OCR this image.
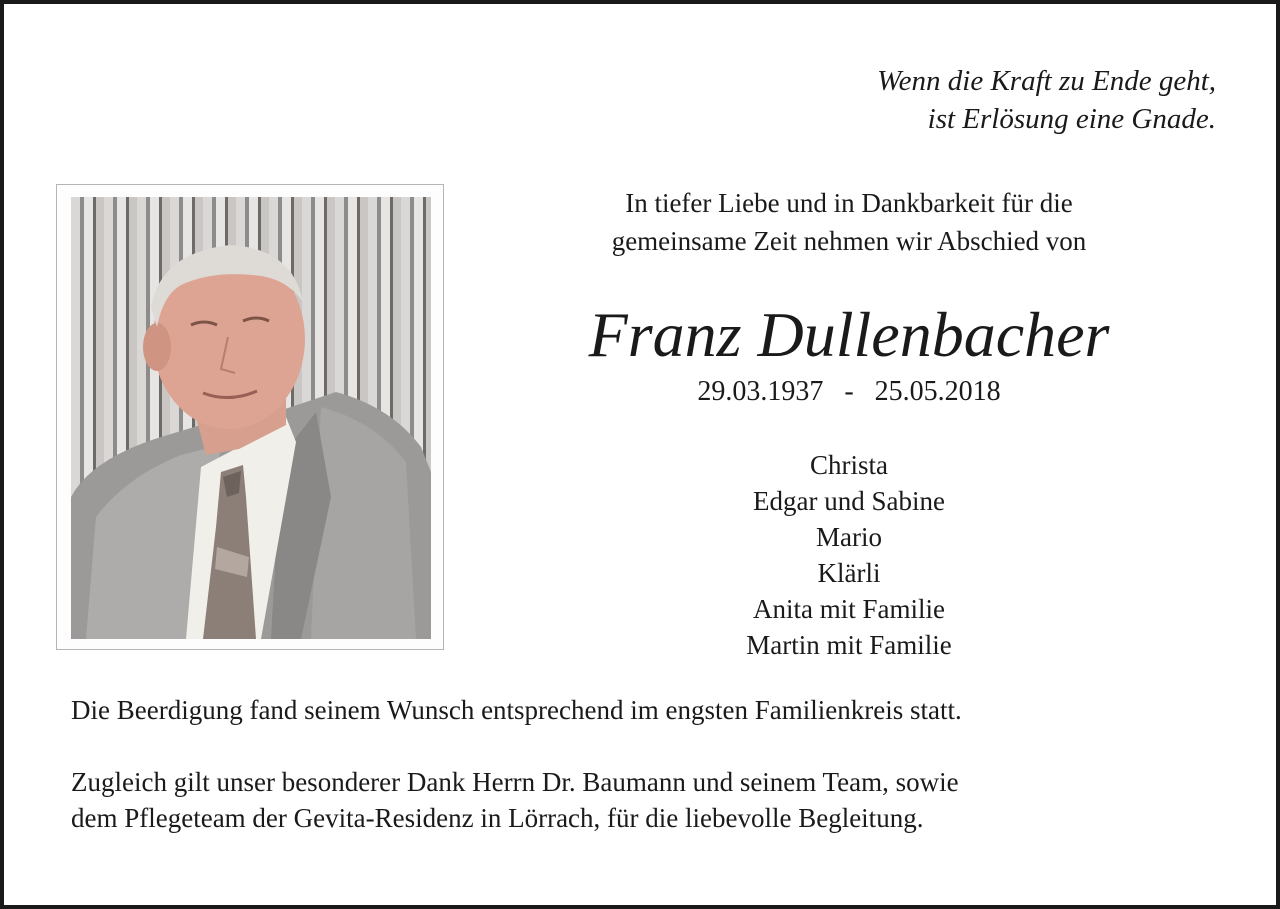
Wenn die Kraft zu Ende geht,
ist Erlösung eine Gnade.
In tiefer Liebe und in Dankbarkeit für die
gemeinsame Zeit nehmen wir Abschied von
Franz Dullenbacher
29.03.1937   -   25.05.2018
Christa
Edgar und Sabine
Mario
Klärli
Anita mit Familie
Martin mit Familie
Die Beerdigung fand seinem Wunsch entsprechend im engsten Familienkreis statt.
Zugleich gilt unser besonderer Dank Herrn Dr. Baumann und seinem Team, sowie
dem Pflegeteam der Gevita-Residenz in Lörrach, für die liebevolle Begleitung.
